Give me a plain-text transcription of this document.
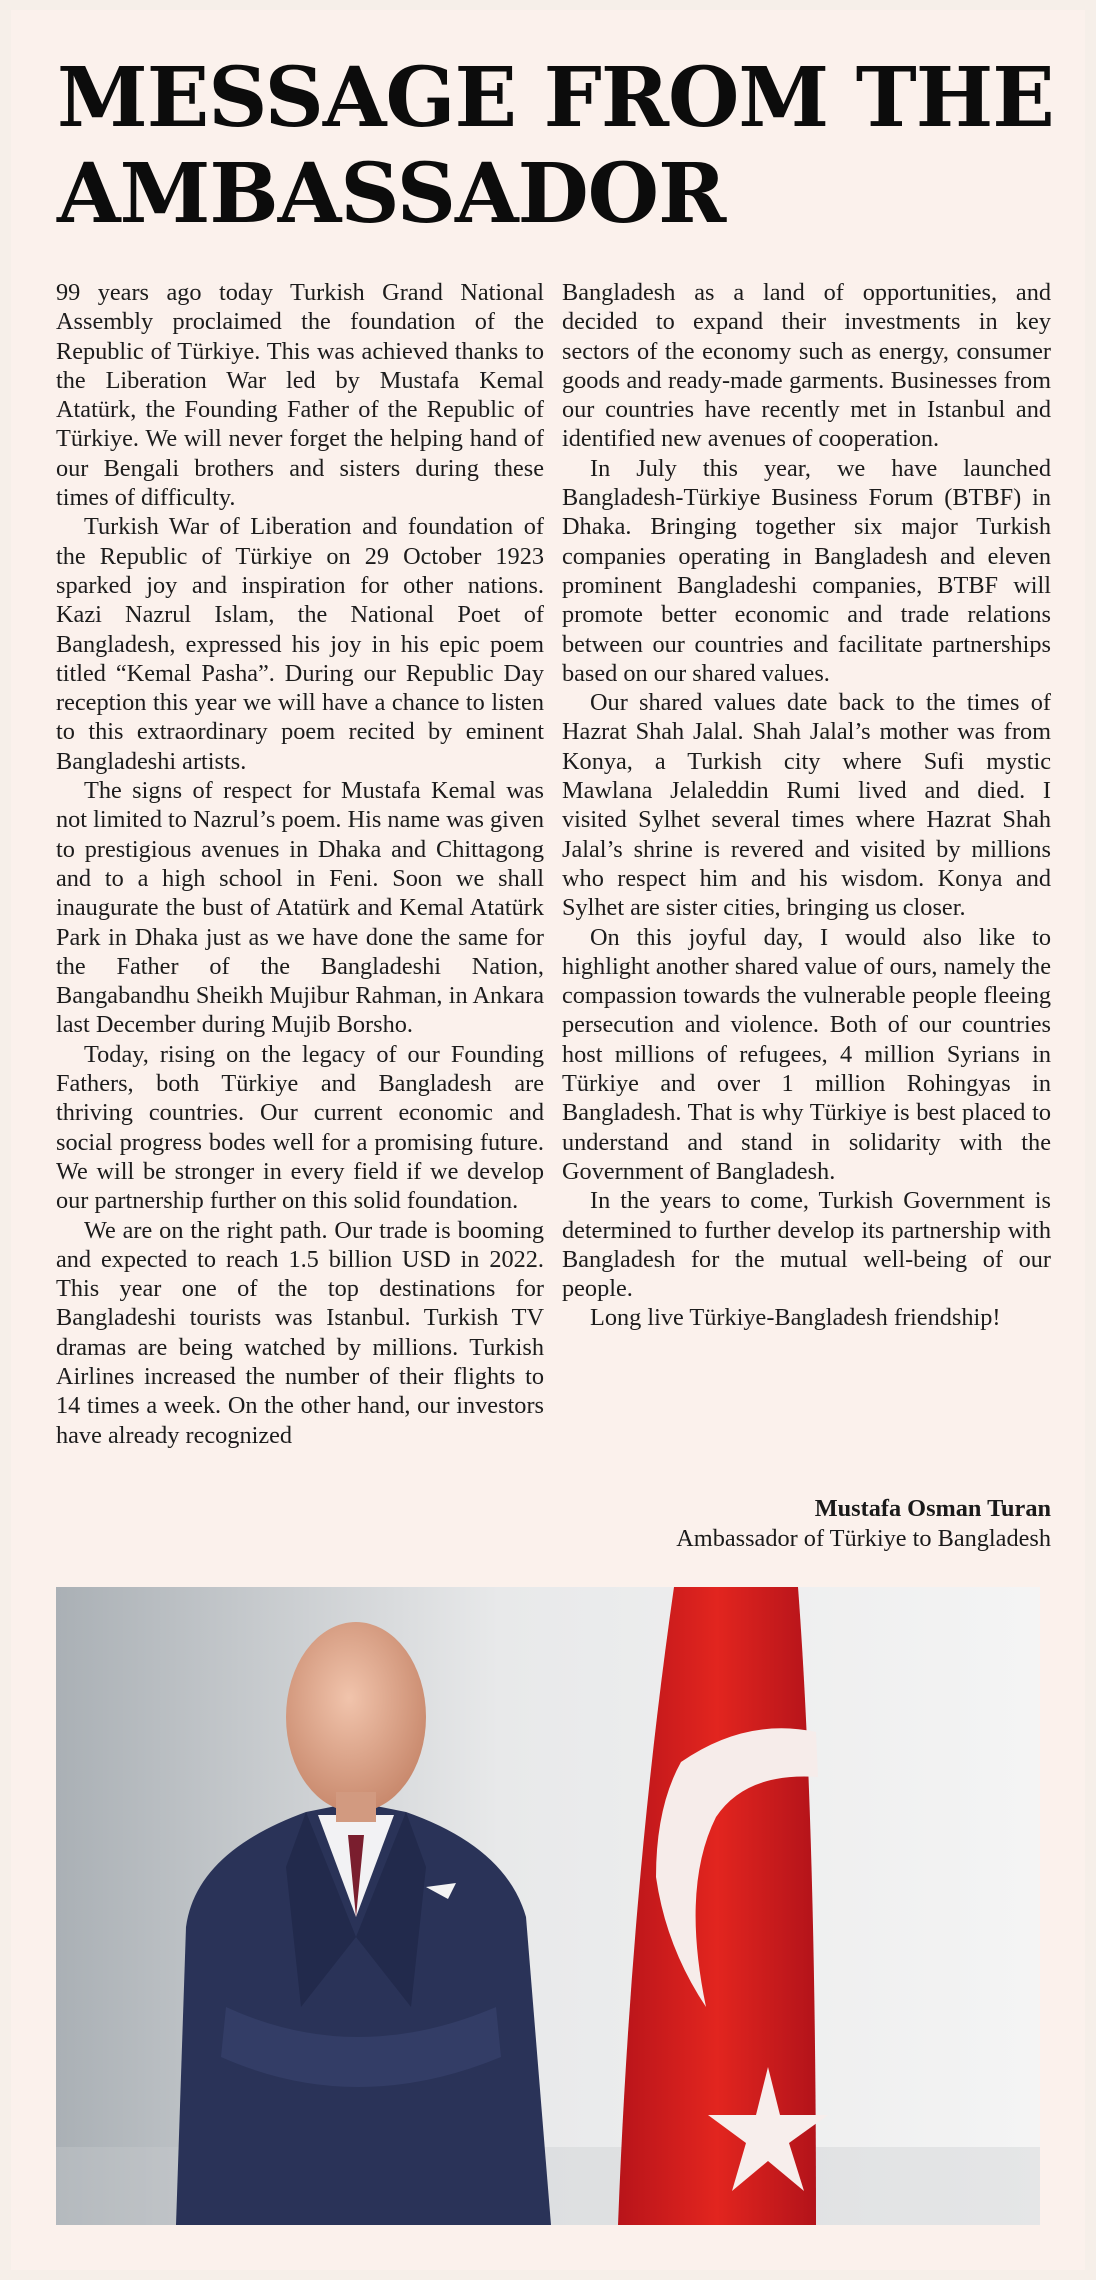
MESSAGE FROM THE AMBASSADOR

99 years ago today Turkish Grand National Assembly proclaimed the foundation of the Republic of Türkiye. This was achieved thanks to the Liberation War led by Mustafa Kemal Atatürk, the Founding Father of the Republic of Türkiye. We will never forget the helping hand of our Bengali brothers and sisters during these times of difficulty.

Turkish War of Liberation and foundation of the Republic of Türkiye on 29 October 1923 sparked joy and inspiration for other nations. Kazi Nazrul Islam, the National Poet of Bangladesh, expressed his joy in his epic poem titled “Kemal Pasha”. During our Republic Day reception this year we will have a chance to listen to this extraordinary poem recited by eminent Bangladeshi artists.

The signs of respect for Mustafa Kemal was not limited to Nazrul’s poem. His name was given to prestigious avenues in Dhaka and Chittagong and to a high school in Feni. Soon we shall inaugurate the bust of Atatürk and Kemal Atatürk Park in Dhaka just as we have done the same for the Father of the Bangladeshi Nation, Bangabandhu Sheikh Mujibur Rahman, in Ankara last December during Mujib Borsho.

Today, rising on the legacy of our Founding Fathers, both Türkiye and Bangladesh are thriving countries. Our current economic and social progress bodes well for a promising future. We will be stronger in every field if we develop our partnership further on this solid foundation.

We are on the right path. Our trade is booming and expected to reach 1.5 billion USD in 2022. This year one of the top destinations for Bangladeshi tourists was Istanbul. Turkish TV dramas are being watched by millions. Turkish Airlines increased the number of their flights to 14 times a week. On the other hand, our investors have already recognized

Bangladesh as a land of opportunities, and decided to expand their investments in key sectors of the economy such as energy, consumer goods and ready-made garments. Businesses from our countries have recently met in Istanbul and identified new avenues of cooperation.

In July this year, we have launched Bangladesh-Türkiye Business Forum (BTBF) in Dhaka. Bringing together six major Turkish companies operating in Bangladesh and eleven prominent Bangladeshi companies, BTBF will promote better economic and trade relations between our countries and facilitate partnerships based on our shared values.

Our shared values date back to the times of Hazrat Shah Jalal. Shah Jalal’s mother was from Konya, a Turkish city where Sufi mystic Mawlana Jelaleddin Rumi lived and died. I visited Sylhet several times where Hazrat Shah Jalal’s shrine is revered and visited by millions who respect him and his wisdom. Konya and Sylhet are sister cities, bringing us closer.

On this joyful day, I would also like to highlight another shared value of ours, namely the compassion towards the vulnerable people fleeing persecution and violence. Both of our countries host millions of refugees, 4 million Syrians in Türkiye and over 1 million Rohingyas in Bangladesh. That is why Türkiye is best placed to understand and stand in solidarity with the Government of Bangladesh.

In the years to come, Turkish Government is determined to further develop its partnership with Bangladesh for the mutual well-being of our people.

Long live Türkiye-Bangladesh friendship!

Mustafa Osman Turan
Ambassador of Türkiye to Bangladesh
